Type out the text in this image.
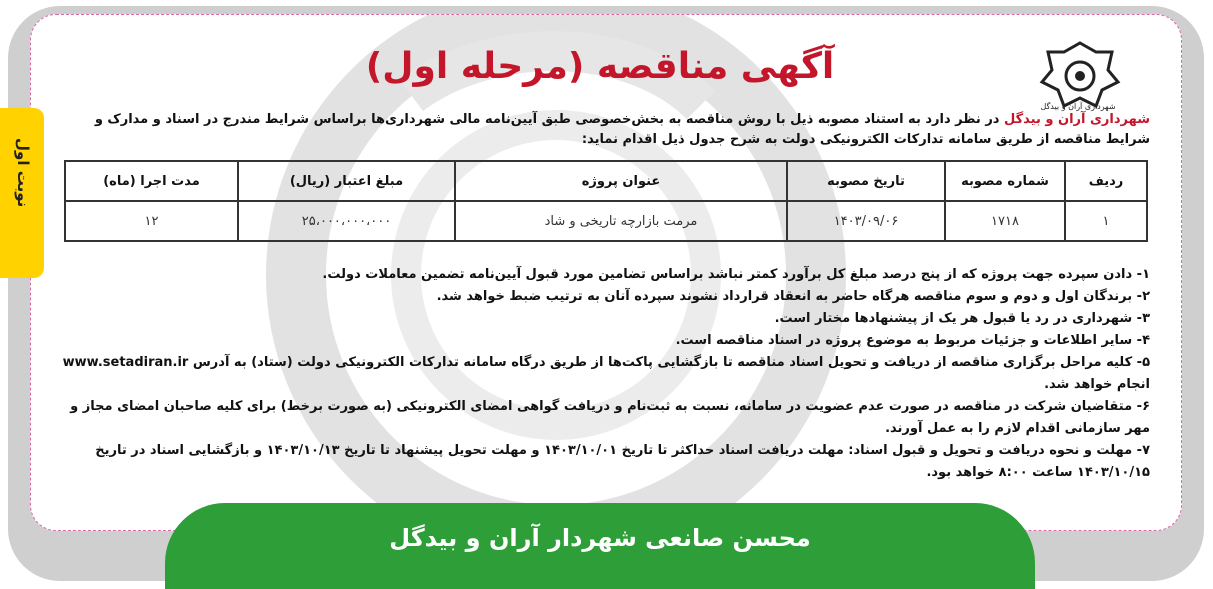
نوبت اول
شهرداری آران و بیدگل
آگهی مناقصه (مرحله اول)
شهرداری آران و بیدگل در نظر دارد به استناد مصوبه ذیل با روش مناقصه به بخش‌خصوصی طبق آیین‌نامه مالی شهرداری‌ها براساس شرایط مندرج در اسناد و مدارک و شرایط مناقصه از طریق سامانه تدارکات الکترونیکی دولت به شرح جدول ذیل اقدام نماید:
ردیف	شماره مصوبه	تاریخ مصوبه	عنوان پروژه	مبلغ اعتبار (ریال)	مدت اجرا (ماه)
۱	۱۷۱۸	۱۴۰۳/۰۹/۰۶	مرمت بازارچه تاریخی و شاد	۲۵،۰۰۰،۰۰۰،۰۰۰	۱۲

۱- دادن سپرده جهت پروژه که از پنج درصد مبلغ کل برآورد کمتر نباشد براساس تضامین مورد قبول آیین‌نامه تضمین معاملات دولت.

۲- برندگان اول و دوم و سوم مناقصه هرگاه حاضر به انعقاد قرارداد نشوند سپرده آنان به ترتیب ضبط خواهد شد.

۳- شهرداری در رد یا قبول هر یک از پیشنهادها مختار است.

۴- سایر اطلاعات و جزئیات مربوط به موضوع پروژه در اسناد مناقصه است.

۵- کلیه مراحل برگزاری مناقصه از دریافت و تحویل اسناد مناقصه تا بازگشایی پاکت‌ها از طریق درگاه سامانه تدارکات الکترونیکی دولت (ستاد) به آدرس www.setadiran.ir انجام خواهد شد.

۶- متقاضیان شرکت در مناقصه در صورت عدم عضویت در سامانه، نسبت به ثبت‌نام و دریافت گواهی امضای الکترونیکی (به صورت برخط) برای کلیه صاحبان امضای مجاز و مهر سازمانی اقدام لازم را به عمل آورند.

۷- مهلت و نحوه دریافت و تحویل و قبول اسناد: مهلت دریافت اسناد حداکثر تا تاریخ ۱۴۰۳/۱۰/۰۱ و مهلت تحویل پیشنهاد تا تاریخ ۱۴۰۳/۱۰/۱۳ و بازگشایی اسناد در تاریخ ۱۴۰۳/۱۰/۱۵ ساعت ۸:۰۰ خواهد بود.

محسن صانعی شهردار آران و بیدگل
